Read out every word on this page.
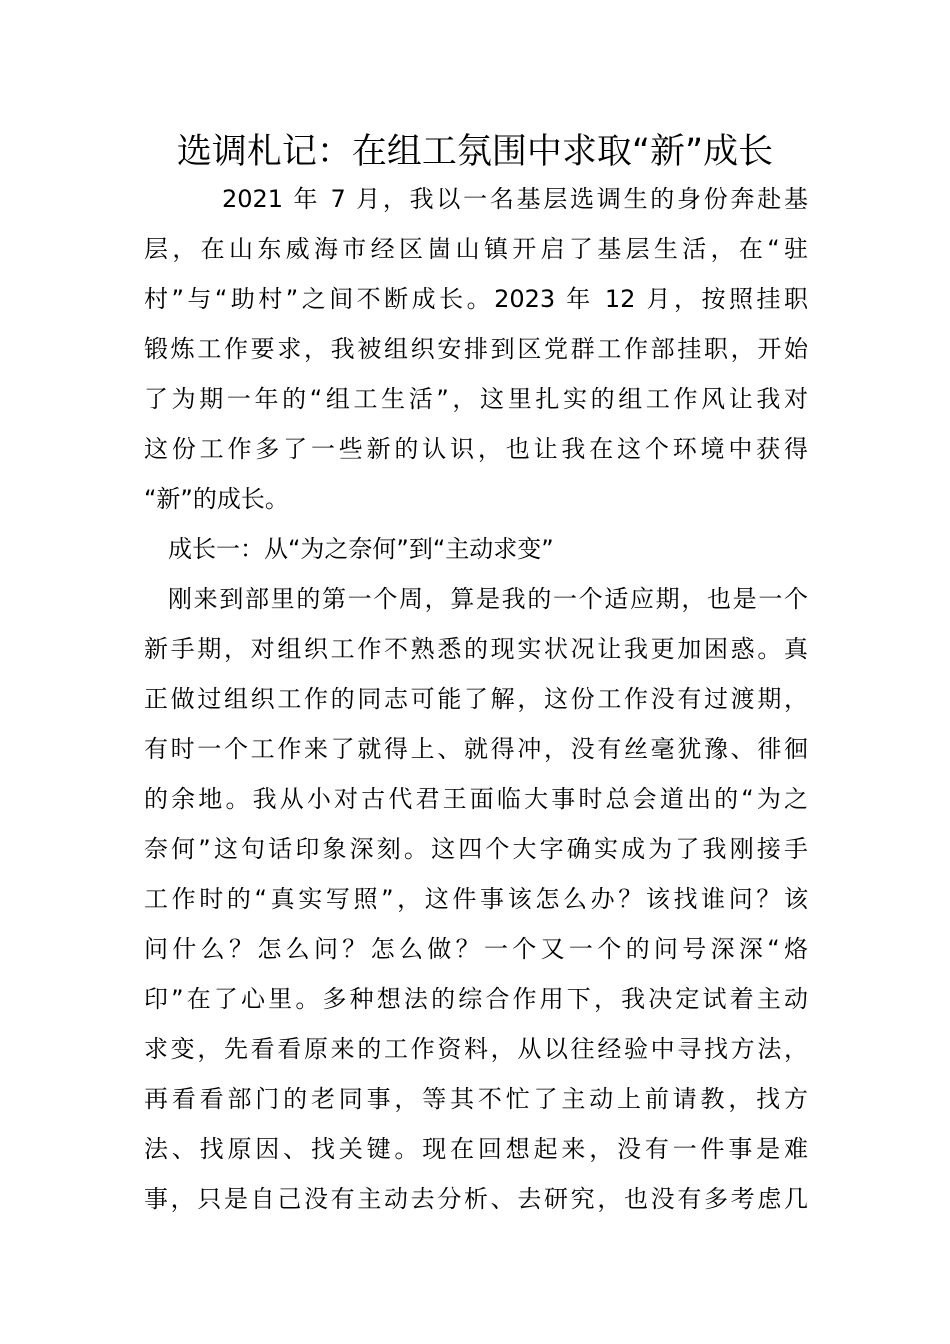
选调札记：在组工氛围中求取“新”成长
2021 年 7 月，我以一名基层选调生的身份奔赴基
层，在山东威海市经区崮山镇开启了基层生活，在“驻
村”与“助村”之间不断成长。2023 年 12 月，按照挂职
锻炼工作要求，我被组织安排到区党群工作部挂职，开始
了为期一年的“组工生活”，这里扎实的组工作风让我对
这份工作多了一些新的认识，也让我在这个环境中获得
“新”的成长。
成长一：从“为之奈何”到“主动求变”
刚来到部里的第一个周，算是我的一个适应期，也是一个
新手期，对组织工作不熟悉的现实状况让我更加困惑。真
正做过组织工作的同志可能了解，这份工作没有过渡期，
有时一个工作来了就得上、就得冲，没有丝毫犹豫、徘徊
的余地。我从小对古代君王面临大事时总会道出的“为之
奈何”这句话印象深刻。这四个大字确实成为了我刚接手
工作时的“真实写照”，这件事该怎么办？该找谁问？该
问什么？怎么问？怎么做？一个又一个的问号深深“烙
印”在了心里。多种想法的综合作用下，我决定试着主动
求变，先看看原来的工作资料，从以往经验中寻找方法，
再看看部门的老同事，等其不忙了主动上前请教，找方
法、找原因、找关键。现在回想起来，没有一件事是难
事，只是自己没有主动去分析、去研究，也没有多考虑几
